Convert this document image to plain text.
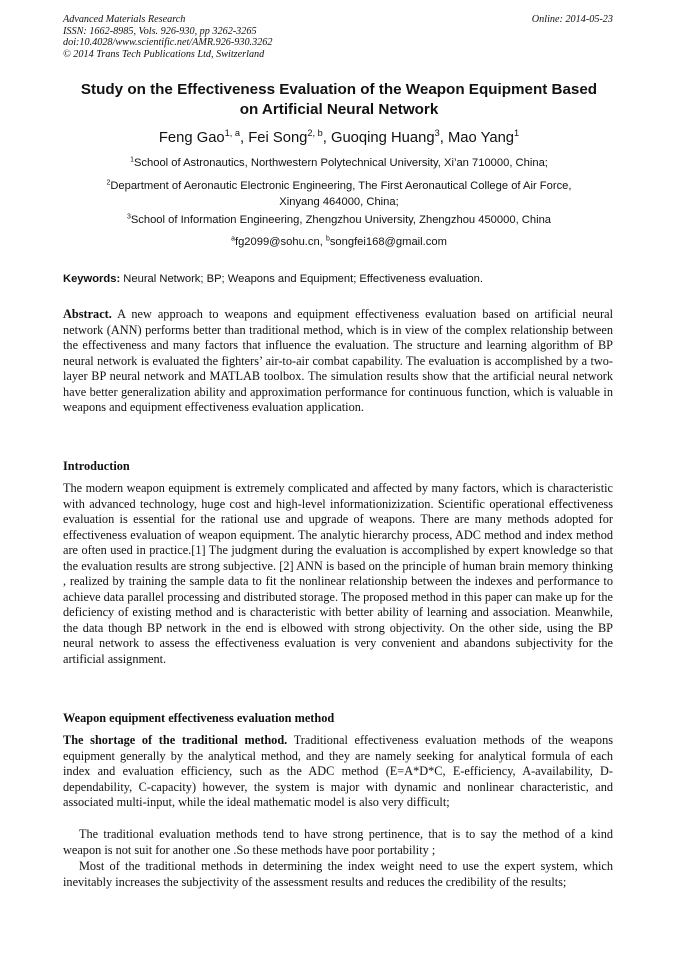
Advanced Materials Research
ISSN: 1662-8985, Vols. 926-930, pp 3262-3265
doi:10.4028/www.scientific.net/AMR.926-930.3262
© 2014 Trans Tech Publications Ltd, Switzerland
Online: 2014-05-23
Study on the Effectiveness Evaluation of the Weapon Equipment Based
on Artificial Neural Network
Feng Gao$^{1, a}$, Fei Song$^{2, b}$, Guoqing Huang$^3$, Mao Yang$^1$
$^1$School of Astronautics, Northwestern Polytechnical University, Xi’an 710000, China;
$^2$Department of Aeronautic Electronic Engineering, The First Aeronautical College of Air Force,
Xinyang 464000, China;
$^3$School of Information Engineering, Zhengzhou University, Zhengzhou 450000, China
$^a$fg2099@sohu.cn, $^b$songfei168@gmail.com
Keywords: Neural Network; BP; Weapons and Equipment; Effectiveness evaluation.
Abstract. A new approach to weapons and equipment effectiveness evaluation based on artificial neural network (ANN) performs better than traditional method, which is in view of the complex relationship between the effectiveness and many factors that influence the evaluation. The structure and learning algorithm of BP neural network is evaluated the fighters’ air-to-air combat capability. The evaluation is accomplished by a two-layer BP neural network and MATLAB toolbox. The simulation results show that the artificial neural network have better generalization ability and approximation performance for continuous function, which is valuable in weapons and equipment effectiveness evaluation application.
Introduction
The modern weapon equipment is extremely complicated and affected by many factors, which is characteristic with advanced technology, huge cost and high-level informationizization. Scientific operational effectiveness evaluation is essential for the rational use and upgrade of weapons. There are many methods adopted for effectiveness evaluation of weapon equipment. The analytic hierarchy process, ADC method and index method are often used in practice.[1] The judgment during the evaluation is accomplished by expert knowledge so that the evaluation results are strong subjective. [2] ANN is based on the principle of human brain memory thinking , realized by training the sample data to fit the nonlinear relationship between the indexes and performance to achieve data parallel processing and distributed storage. The proposed method in this paper can make up for the deficiency of existing method and is characteristic with better ability of learning and association. Meanwhile, the data though BP network in the end is elbowed with strong objectivity. On the other side, using the BP neural network to assess the effectiveness evaluation is very convenient and abandons subjectivity for the artificial assignment.
Weapon equipment effectiveness evaluation method
The shortage of the traditional method. Traditional effectiveness evaluation methods of the weapons equipment generally by the analytical method, and they are namely seeking for analytical formula of each index and evaluation efficiency, such as the ADC method (E=A*D*C, E-efficiency, A-availability, D-dependability, C-capacity) however, the system is major with dynamic and nonlinear characteristic, and associated multi-input, while the ideal mathematic model is also very difficult;
The traditional evaluation methods tend to have strong pertinence, that is to say the method of a kind weapon is not suit for another one .So these methods have poor portability ;
Most of the traditional methods in determining the index weight need to use the expert system, which inevitably increases the subjectivity of the assessment results and reduces the credibility of the results;
